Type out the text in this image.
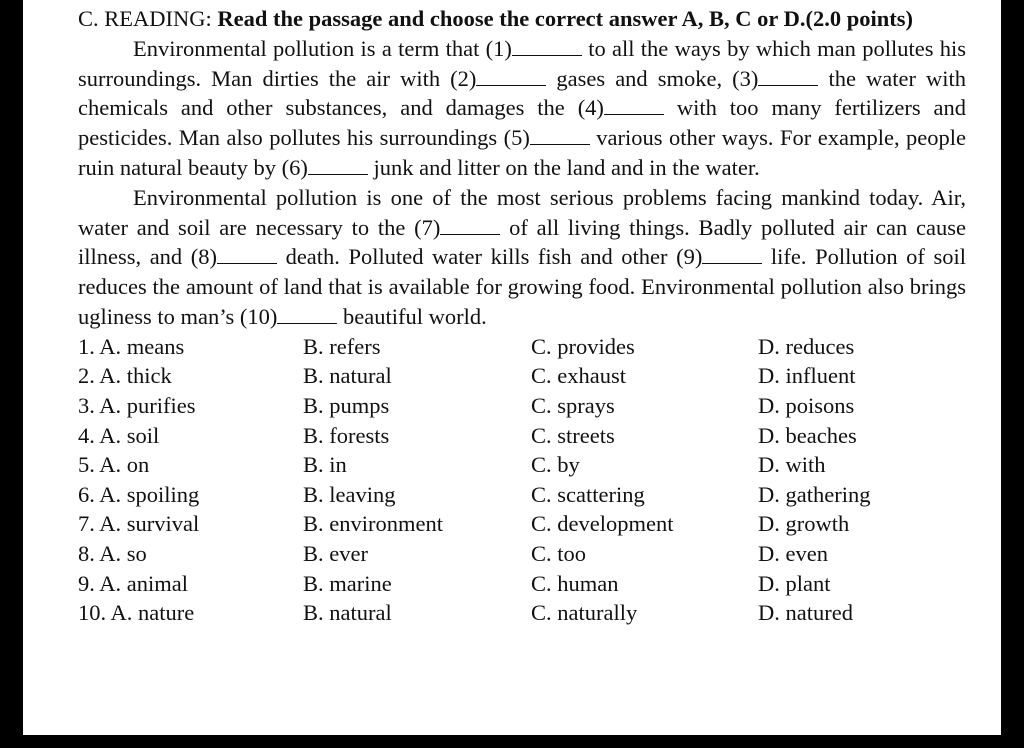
C. READING: Read the passage and choose the correct answer A, B, C or D.(2.0 points)

Environmental pollution is a term that (1)	to all the ways by which man pollutes his surroundings. Man dirties the air with (2)	gases and smoke, (3)	the water with chemicals and other substances, and damages the (4)	with too many fertilizers and pesticides. Man also pollutes his surroundings (5)	various other ways. For example, people ruin natural beauty by (6)	junk and litter on the land and in the water.

Environmental pollution is one of the most serious problems facing mankind today. Air, water and soil are necessary to the (7)	of all living things. Badly polluted air can cause illness, and (8)	death. Polluted water kills fish and other (9)	life. Pollution of soil reduces the amount of land that is available for growing food. Environmental pollution also brings ugliness to man’s (10)	beautiful world.

1. A. means	B. refers	C. provides	D. reduces
2. A. thick	B. natural	C. exhaust	D. influent
3. A. purifies	B. pumps	C. sprays	D. poisons
4. A. soil	B. forests	C. streets	D. beaches
5. A. on	B. in	C. by	D. with
6. A. spoiling	B. leaving	C. scattering	D. gathering
7. A. survival	B. environment	C. development	D. growth
8. A. so	B. ever	C. too	D. even
9. A. animal	B. marine	C. human	D. plant
10. A. nature	B. natural	C. naturally	D. natured
